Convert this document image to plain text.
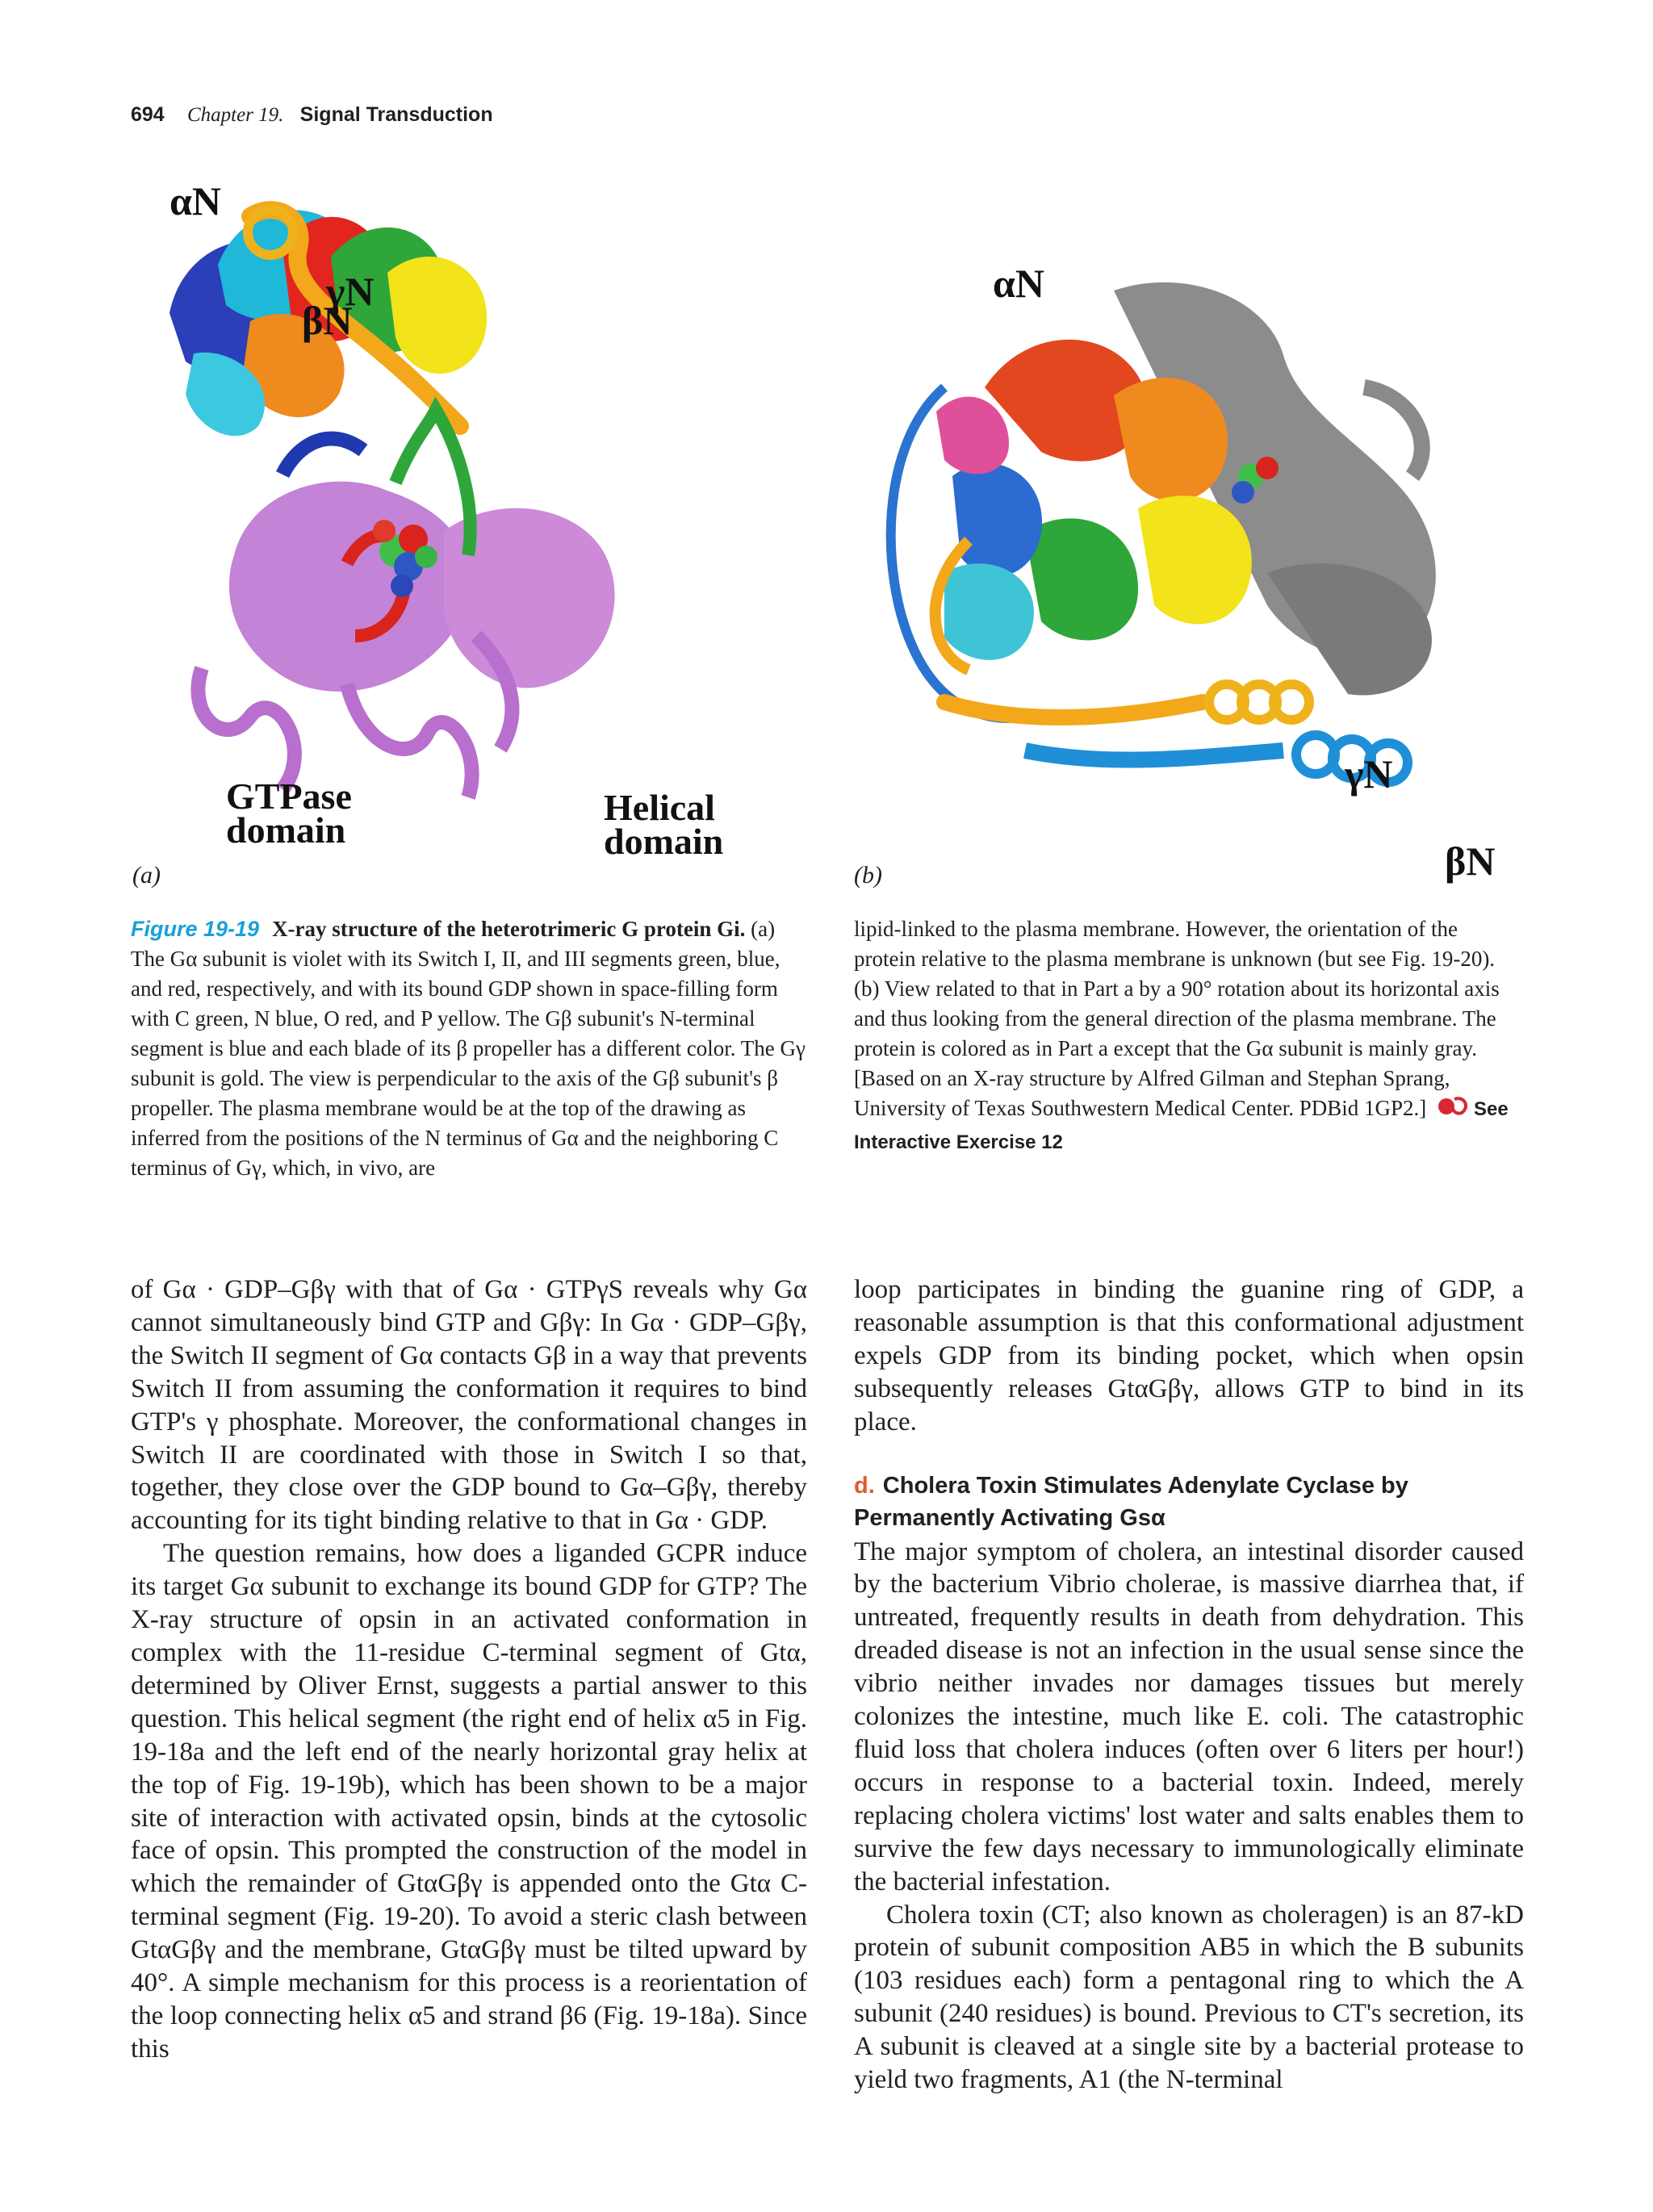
694 Chapter 19. Signal Transduction
αN
γN
βN
GTPase
domain
Helical
domain
(a)
αN
γN
βN
(b)
Figure 19-19 X-ray structure of the heterotrimeric G protein Gi. (a) The Gα subunit is violet with its Switch I, II, and III segments green, blue, and red, respectively, and with its bound GDP shown in space-filling form with C green, N blue, O red, and P yellow. The Gβ subunit's N-terminal segment is blue and each blade of its β propeller has a different color. The Gγ subunit is gold. The view is perpendicular to the axis of the Gβ subunit's β propeller. The plasma membrane would be at the top of the drawing as inferred from the positions of the N terminus of Gα and the neighboring C terminus of Gγ, which, in vivo, are
lipid-linked to the plasma membrane. However, the orientation of the protein relative to the plasma membrane is unknown (but see Fig. 19-20). (b) View related to that in Part a by a 90° rotation about its horizontal axis and thus looking from the general direction of the plasma membrane. The protein is colored as in Part a except that the Gα subunit is mainly gray. [Based on an X-ray structure by Alfred Gilman and Stephan Sprang, University of Texas Southwestern Medical Center. PDBid 1GP2.] See Interactive Exercise 12

of Gα · GDP–Gβγ with that of Gα · GTPγS reveals why Gα cannot simultaneously bind GTP and Gβγ: In Gα · GDP–Gβγ, the Switch II segment of Gα contacts Gβ in a way that prevents Switch II from assuming the conformation it requires to bind GTP's γ phosphate. Moreover, the conformational changes in Switch II are coordinated with those in Switch I so that, together, they close over the GDP bound to Gα–Gβγ, thereby accounting for its tight binding relative to that in Gα · GDP.

The question remains, how does a liganded GCPR induce its target Gα subunit to exchange its bound GDP for GTP? The X-ray structure of opsin in an activated conformation in complex with the 11-residue C-terminal segment of Gtα, determined by Oliver Ernst, suggests a partial answer to this question. This helical segment (the right end of helix α5 in Fig. 19-18a and the left end of the nearly horizontal gray helix at the top of Fig. 19-19b), which has been shown to be a major site of interaction with activated opsin, binds at the cytosolic face of opsin. This prompted the construction of the model in which the remainder of GtαGβγ is appended onto the Gtα C-terminal segment (Fig. 19-20). To avoid a steric clash between GtαGβγ and the membrane, GtαGβγ must be tilted upward by 40°. A simple mechanism for this process is a reorientation of the loop connecting helix α5 and strand β6 (Fig. 19-18a). Since this

loop participates in binding the guanine ring of GDP, a reasonable assumption is that this conformational adjustment expels GDP from its binding pocket, which when opsin subsequently releases GtαGβγ, allows GTP to bind in its place.

d. Cholera Toxin Stimulates Adenylate Cyclase by Permanently Activating Gsα

The major symptom of cholera, an intestinal disorder caused by the bacterium Vibrio cholerae, is massive diarrhea that, if untreated, frequently results in death from dehydration. This dreaded disease is not an infection in the usual sense since the vibrio neither invades nor damages tissues but merely colonizes the intestine, much like E. coli. The catastrophic fluid loss that cholera induces (often over 6 liters per hour!) occurs in response to a bacterial toxin. Indeed, merely replacing cholera victims' lost water and salts enables them to survive the few days necessary to immunologically eliminate the bacterial infestation.

Cholera toxin (CT; also known as choleragen) is an 87-kD protein of subunit composition AB5 in which the B subunits (103 residues each) form a pentagonal ring to which the A subunit (240 residues) is bound. Previous to CT's secretion, its A subunit is cleaved at a single site by a bacterial protease to yield two fragments, A1 (the N-terminal
